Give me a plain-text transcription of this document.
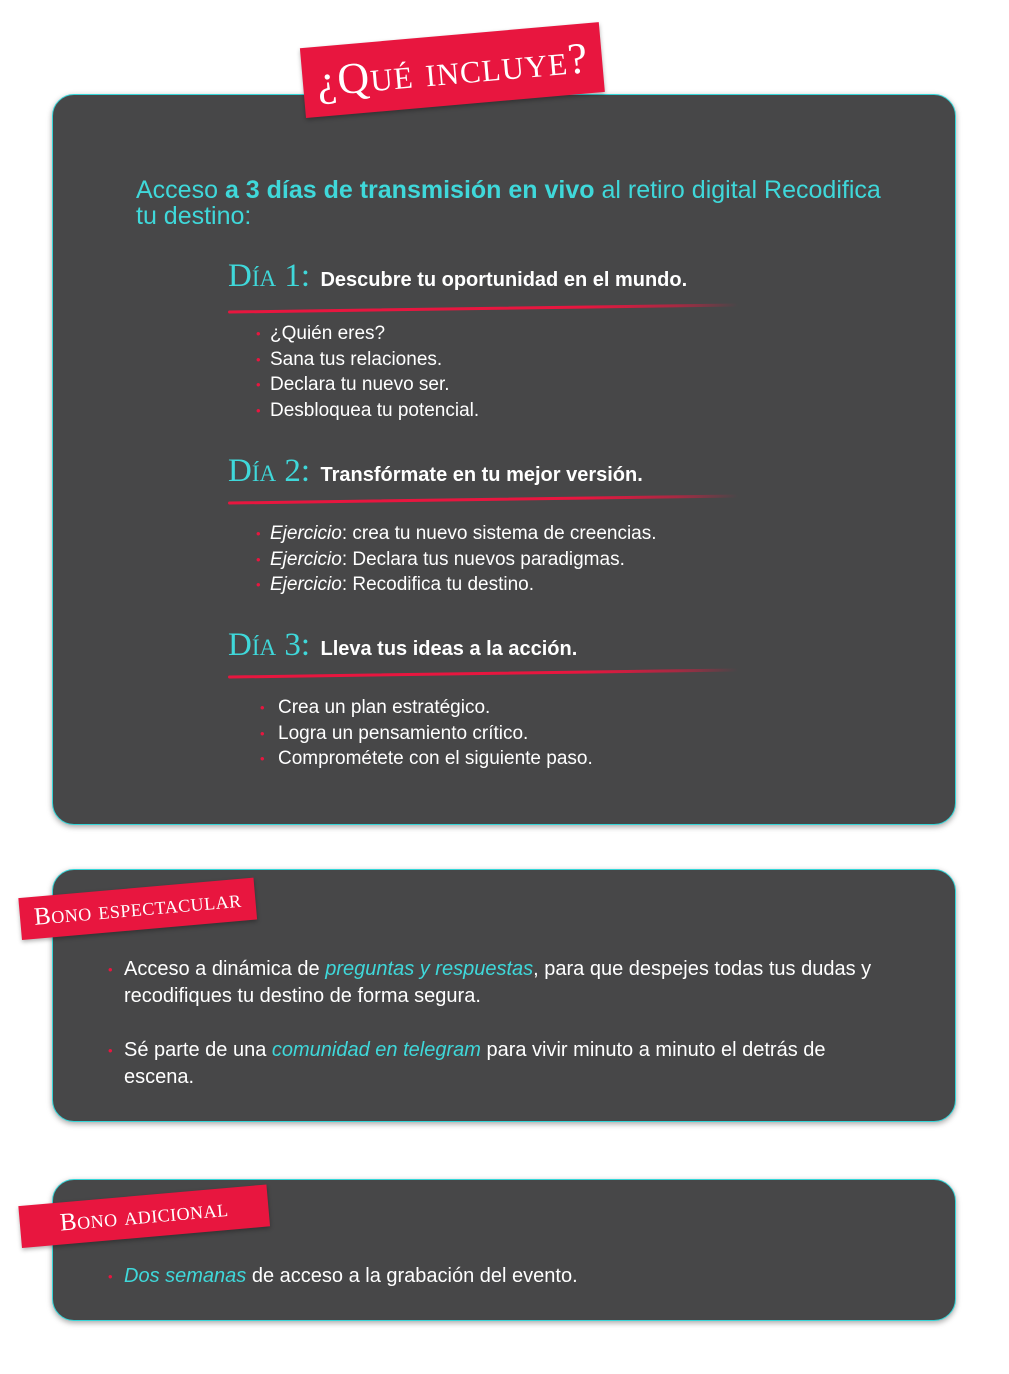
¿Qué incluye?

Acceso a 3 días de transmisión en vivo al retiro digital Recodifica tu destino:

Día 1: Descubre tu oportunidad en el mundo.
• ¿Quién eres?
• Sana tus relaciones.
• Declara tu nuevo ser.
• Desbloquea tu potencial.
Día 2: Transfórmate en tu mejor versión.
• Ejercicio: crea tu nuevo sistema de creencias.
• Ejercicio: Declara tus nuevos paradigmas.
• Ejercicio: Recodifica tu destino.
Día 3: Lleva tus ideas a la acción.
• Crea un plan estratégico.
• Logra un pensamiento crítico.
• Comprométete con el siguiente paso.
Bono espectacular
• Acceso a dinámica de preguntas y respuestas, para que despejes todas tus dudas y recodifiques tu destino de forma segura.
• Sé parte de una comunidad en telegram para vivir minuto a minuto el detrás de escena.
Bono adicional
• Dos semanas de acceso a la grabación del evento.
